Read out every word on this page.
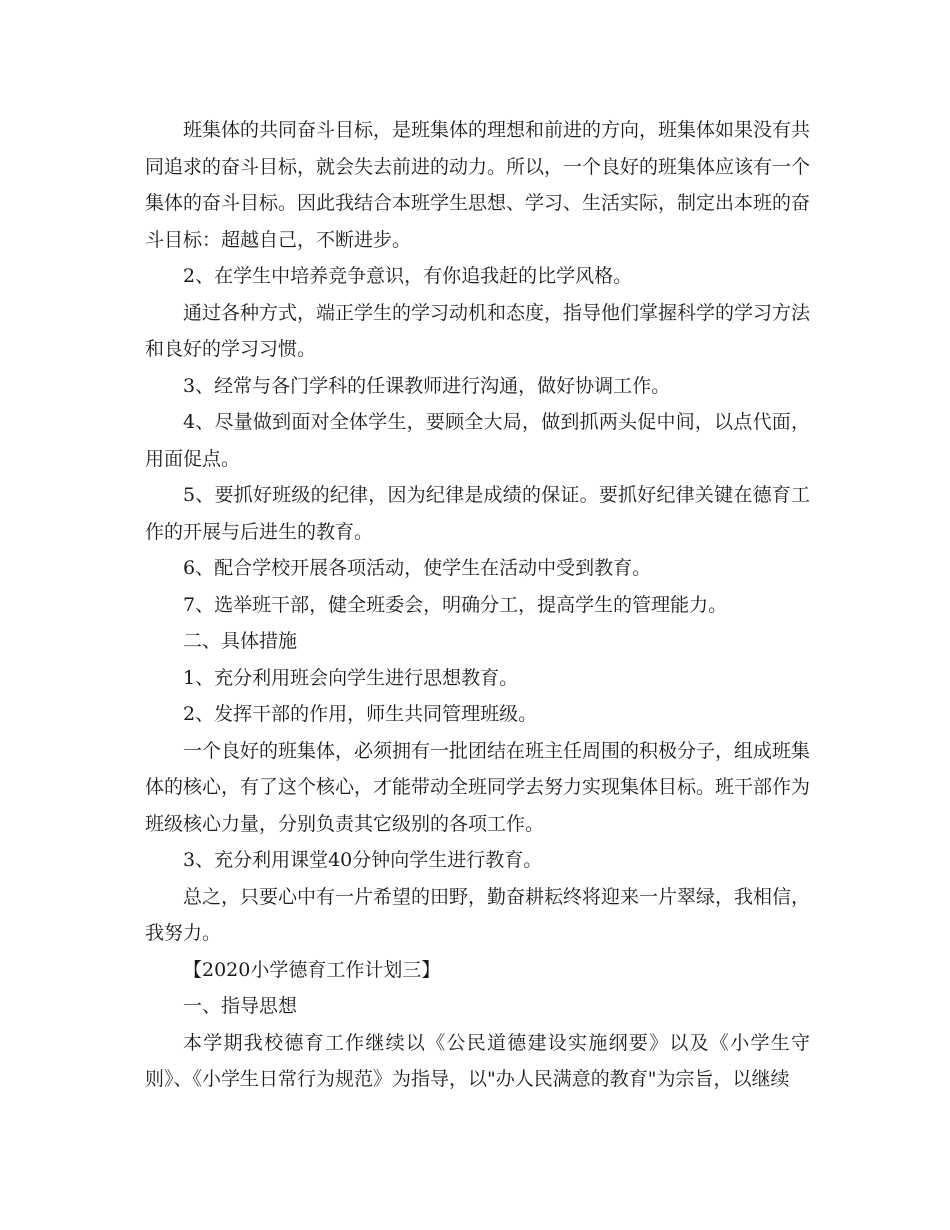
班集体的共同奋斗目标，是班集体的理想和前进的方向，班集体如果没有共同追求的奋斗目标，就会失去前进的动力。所以，一个良好的班集体应该有一个集体的奋斗目标。因此我结合本班学生思想、学习、生活实际，制定出本班的奋斗目标：超越自己，不断进步。

2、在学生中培养竞争意识，有你追我赶的比学风格。

通过各种方式，端正学生的学习动机和态度，指导他们掌握科学的学习方法和良好的学习习惯。

3、经常与各门学科的任课教师进行沟通，做好协调工作。

4、尽量做到面对全体学生，要顾全大局，做到抓两头促中间，以点代面，用面促点。

5、要抓好班级的纪律，因为纪律是成绩的保证。要抓好纪律关键在德育工作的开展与后进生的教育。

6、配合学校开展各项活动，使学生在活动中受到教育。

7、选举班干部，健全班委会，明确分工，提高学生的管理能力。

二、具体措施

1、充分利用班会向学生进行思想教育。

2、发挥干部的作用，师生共同管理班级。

一个良好的班集体，必须拥有一批团结在班主任周围的积极分子，组成班集体的核心，有了这个核心，才能带动全班同学去努力实现集体目标。班干部作为班级核心力量，分别负责其它级别的各项工作。

3、充分利用课堂40分钟向学生进行教育。

总之，只要心中有一片希望的田野，勤奋耕耘终将迎来一片翠绿，我相信，我努力。

【2020小学德育工作计划三】

一、指导思想

本学期我校德育工作继续以《公民道德建设实施纲要》以及《小学生守则》、《小学生日常行为规范》为指导，以"办人民满意的教育"为宗旨，以继续
